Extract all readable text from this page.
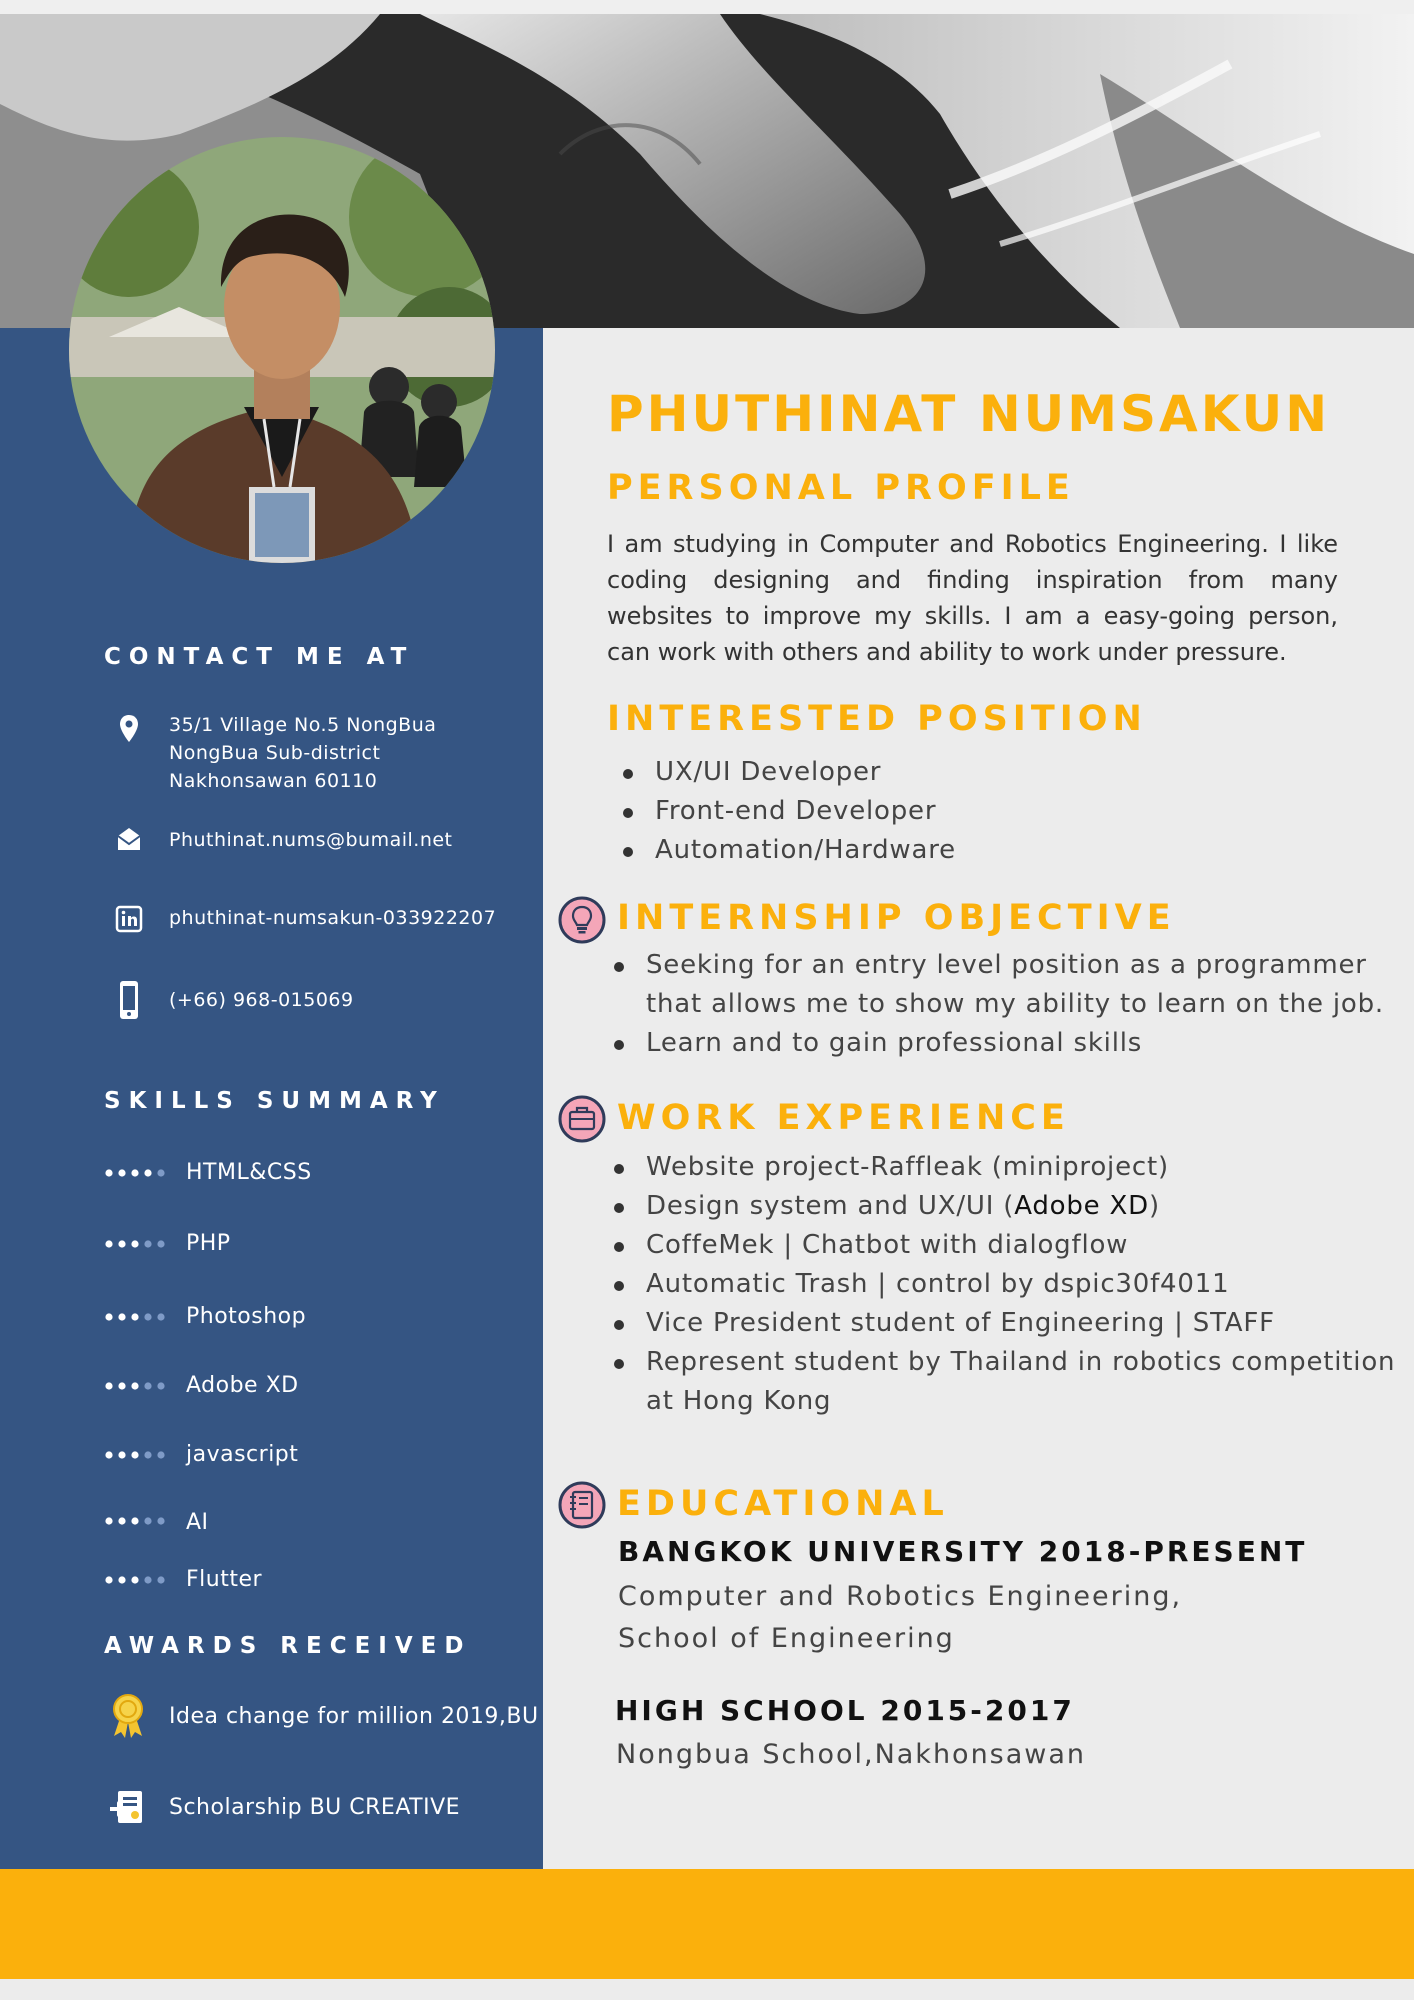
CONTACT ME AT
35/1 Village No.5 NongBua
NongBua Sub-district
Nakhonsawan 60110
Phuthinat.nums@bumail.net
phuthinat-numsakun-033922207
(+66) 968-015069
SKILLS SUMMARY
HTML&CSS
PHP
Photoshop
Adobe XD
javascript
AI
Flutter
AWARDS RECEIVED
Idea change for million 2019,BU
Scholarship BU CREATIVE
PHUTHINAT NUMSAKUN
PERSONAL PROFILE
I am studying in Computer and Robotics Engineering. I like coding designing and finding inspiration from many websites to improve my skills. I am a easy-going person, can work with others and ability to work under pressure.
INTERESTED POSITION
UX/UI Developer
Front-end Developer
Automation/Hardware
INTERNSHIP OBJECTIVE
Seeking for an entry level position as a programmer that allows me to show my ability to learn on the job.
Learn and to gain professional skills
WORK EXPERIENCE
Website project-Raffleak (miniproject)
Design system and UX/UI (Adobe XD)
CoffeMek | Chatbot with dialogflow
Automatic Trash | control by dspic30f4011
Vice President student of Engineering | STAFF
Represent student by Thailand in robotics competition at Hong Kong
EDUCATIONAL
BANGKOK UNIVERSITY 2018-PRESENT
Computer and Robotics Engineering,
School of Engineering
HIGH SCHOOL 2015-2017
Nongbua School,Nakhonsawan
